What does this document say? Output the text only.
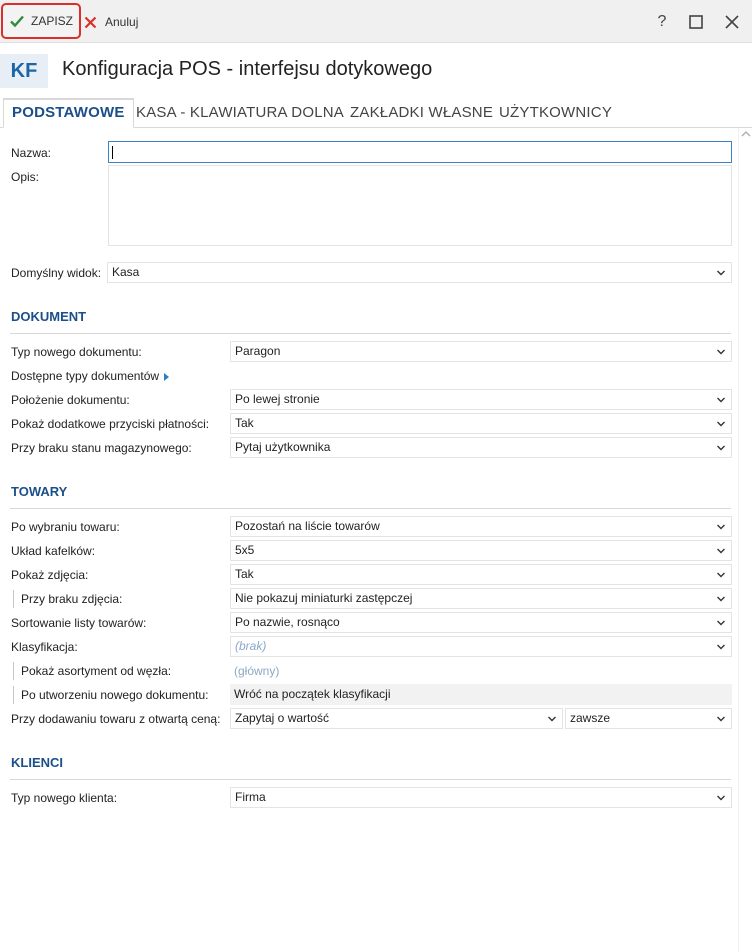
ZAPISZ	Anuluj	?
KF	Konfiguracja POS - interfejsu dotykowego
PODSTAWOWE KASA - KLAWIATURA DOLNA ZAKŁADKI WŁASNE UŻYTKOWNICY
Nazwa:
Opis:
Domyślny widok: Kasa
DOKUMENT
Typ nowego dokumentu:	Paragon
Dostępne typy dokumentów
Położenie dokumentu:	Po lewej stronie
Pokaż dodatkowe przyciski płatności:	Tak
Przy braku stanu magazynowego:	Pytaj użytkownika
TOWARY
Po wybraniu towaru:	Pozostań na liście towarów
Układ kafelków:	5x5
Pokaż zdjęcia:	Tak
Przy braku zdjęcia:	Nie pokazuj miniaturki zastępczej
Sortowanie listy towarów:	Po nazwie, rosnąco
Klasyfikacja:	(brak)
Pokaż asortyment od węzła:	(główny)
Po utworzeniu nowego dokumentu:	Wróć na początek klasyfikacji
Przy dodawaniu towaru z otwartą ceną:	Zapytaj o wartość	zawsze
KLIENCI
Typ nowego klienta:	Firma
